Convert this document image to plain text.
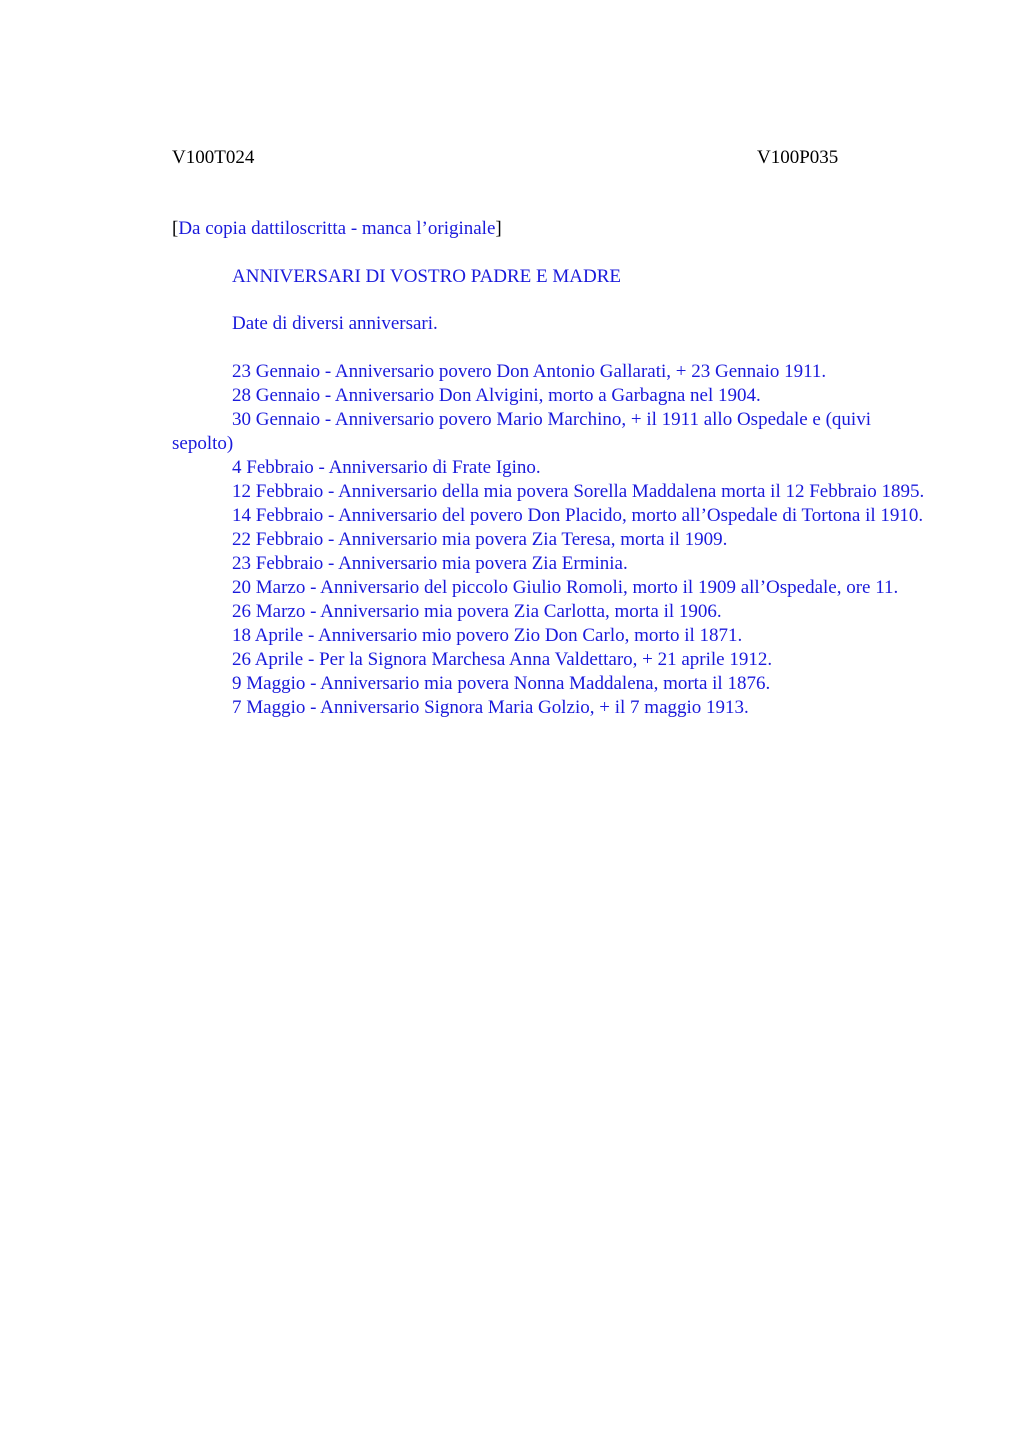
V100T024	V100P035
[Da copia dattiloscritta - manca l’originale]
ANNIVERSARI DI VOSTRO PADRE E MADRE
Date di diversi anniversari.
23 Gennaio - Anniversario povero Don Antonio Gallarati, + 23 Gennaio 1911.
28 Gennaio - Anniversario Don Alvigini, morto a Garbagna nel 1904.
30 Gennaio - Anniversario povero Mario Marchino, + il 1911 allo Ospedale e (quivi sepolto)
4 Febbraio - Anniversario di Frate Igino.
12 Febbraio - Anniversario della mia povera Sorella Maddalena morta il 12 Febbraio 1895.
14 Febbraio - Anniversario del povero Don Placido, morto all’Ospedale di Tortona il 1910.
22 Febbraio - Anniversario mia povera Zia Teresa, morta il 1909.
23 Febbraio - Anniversario mia povera Zia Erminia.
20 Marzo - Anniversario del piccolo Giulio Romoli, morto il 1909 all’Ospedale, ore 11.
26 Marzo - Anniversario mia povera Zia Carlotta, morta il 1906.
18 Aprile - Anniversario mio povero Zio Don Carlo, morto il 1871.
26 Aprile - Per la Signora Marchesa Anna Valdettaro, + 21 aprile 1912.
9 Maggio - Anniversario mia povera Nonna Maddalena, morta il 1876.
7 Maggio - Anniversario Signora Maria Golzio, + il 7 maggio 1913.
